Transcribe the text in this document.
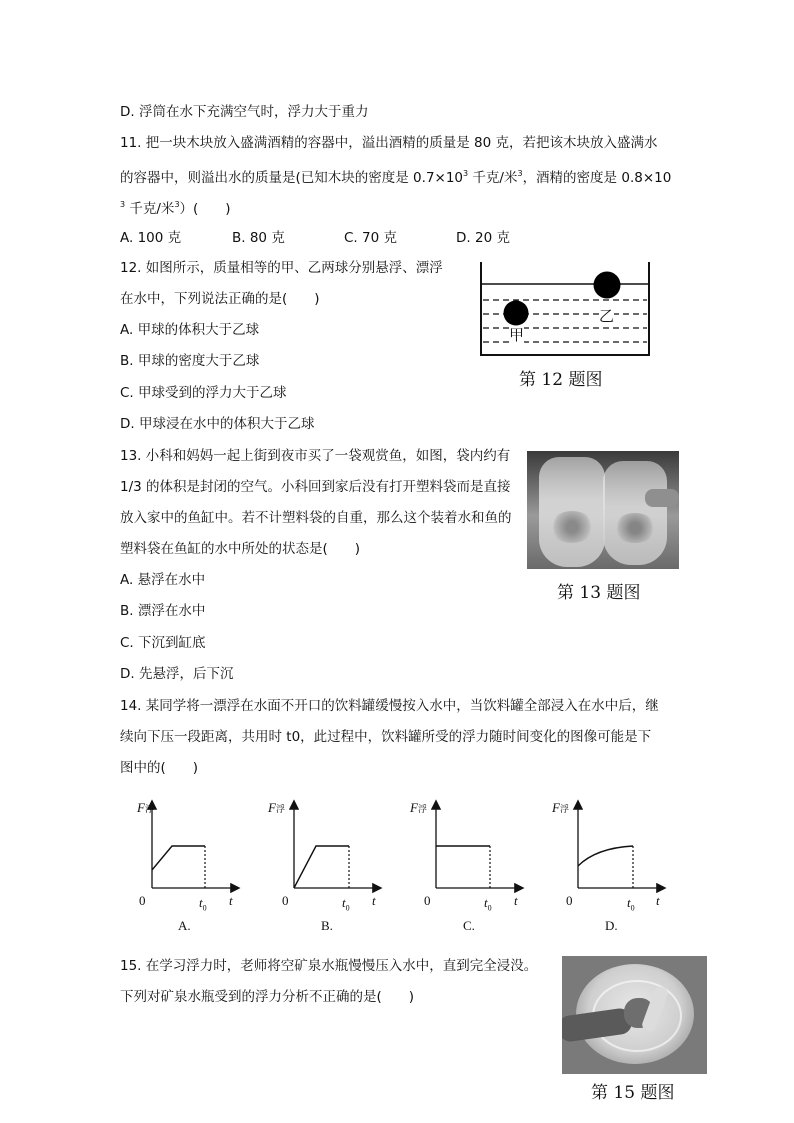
D. 浮筒在水下充满空气时，浮力大于重力
11. 把一块木块放入盛满酒精的容器中，溢出酒精的质量是 80 克，若把该木块放入盛满水
的容器中，则溢出水的质量是(已知木块的密度是 $0.7\times 10^3$ 千克/米$^3$，酒精的密度是 0.8×10
$^3$ 千克/米$^3$）(　　)
A. 100 克	B. 80 克	C. 70 克	D. 20 克
12. 如图所示，质量相等的甲、乙两球分别悬浮、漂浮
在水中，下列说法正确的是(　　)
A. 甲球的体积大于乙球
B. 甲球的密度大于乙球
C. 甲球受到的浮力大于乙球
D. 甲球浸在水中的体积大于乙球
甲
乙
第 12 题图
13. 小科和妈妈一起上街到夜市买了一袋观赏鱼，如图，袋内约有
1/3 的体积是封闭的空气。小科回到家后没有打开塑料袋而是直接
放入家中的鱼缸中。若不计塑料袋的自重，那么这个装着水和鱼的
塑料袋在鱼缸的水中所处的状态是(　　)
A. 悬浮在水中
B. 漂浮在水中
C. 下沉到缸底
D. 先悬浮，后下沉
第 13 题图
14. 某同学将一漂浮在水面不开口的饮料罐缓慢按入水中，当饮料罐全部浸入在水中后，继
续向下压一段距离，共用时 t0，此过程中，饮料罐所受的浮力随时间变化的图像可能是下
图中的(　　)
F浮
0	$t_0$
t
A.
F浮
0	$t_0$
t
B.
F浮
0	$t_0$
t
C.
F浮
0	$t_0$
t
D.
15. 在学习浮力时，老师将空矿泉水瓶慢慢压入水中，直到完全浸没。
下列对矿泉水瓶受到的浮力分析不正确的是(　　)
第 15 题图
